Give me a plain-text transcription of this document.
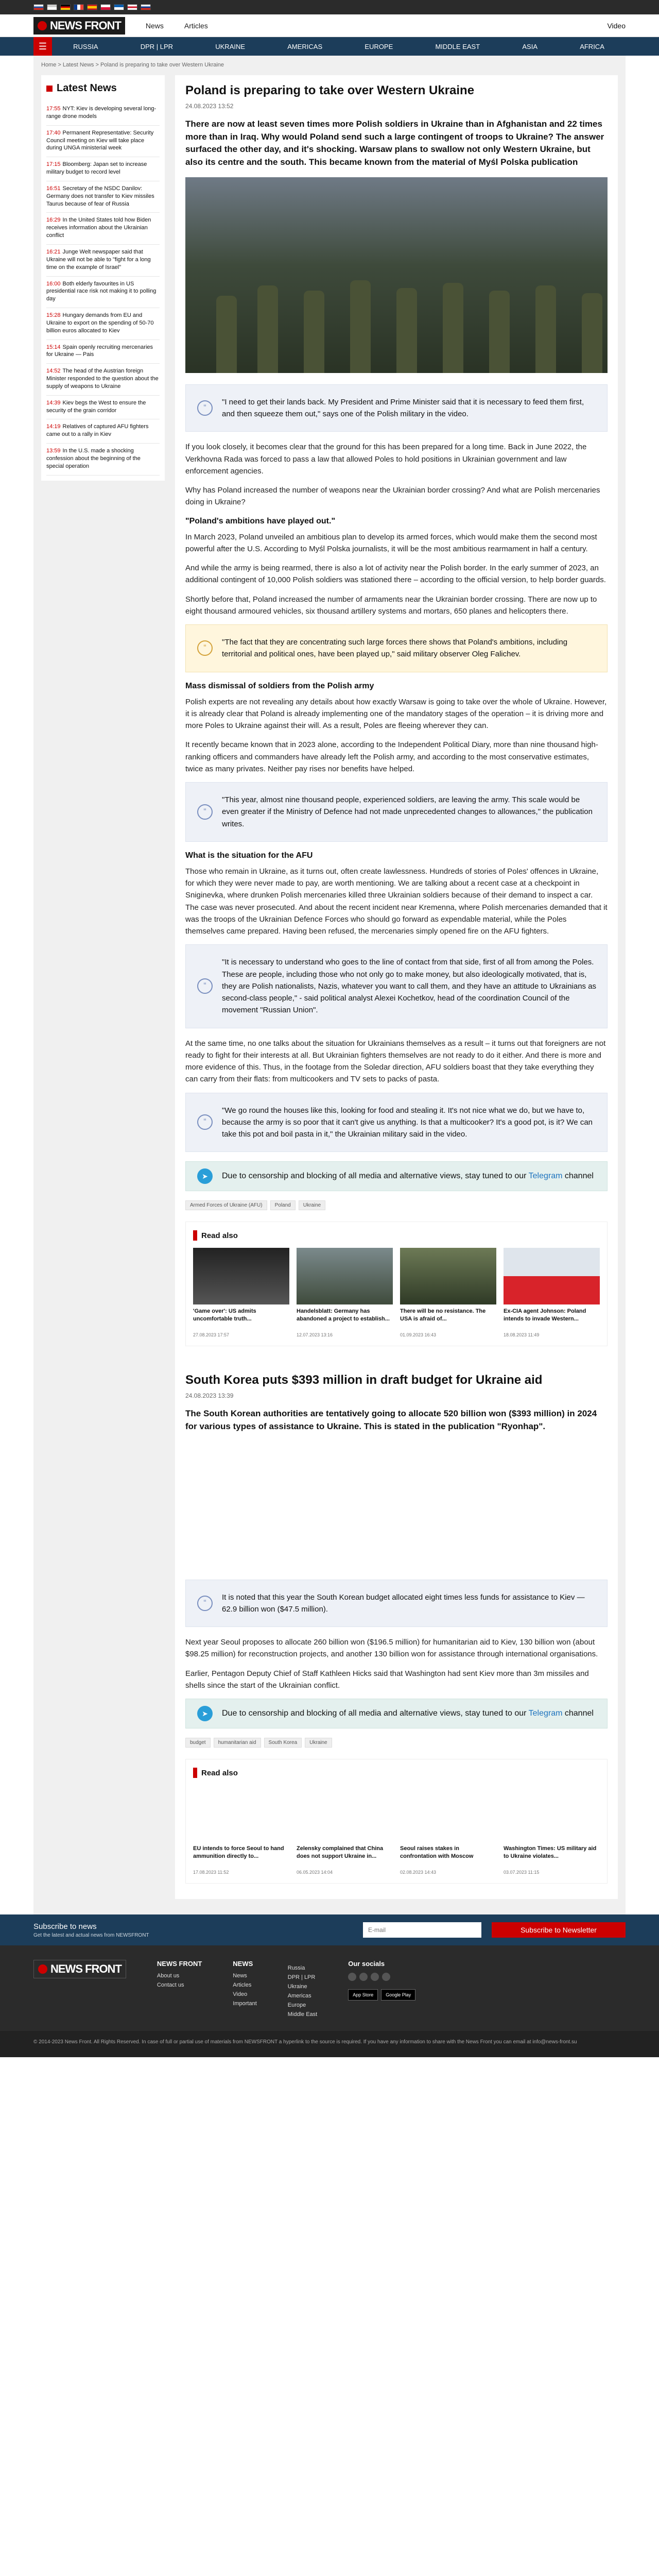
NEWS FRONT	News	Articles	Video
☰	RUSSIA	DPR | LPR	UKRAINE	AMERICAS	EUROPE	MIDDLE EAST	ASIA	AFRICA
Home > Latest News > Poland is preparing to take over Western Ukraine
Latest News
17:55 NYT: Kiev is developing several long-range drone models
17:40 Permanent Representative: Security Council meeting on Kiev will take place during UNGA ministerial week
17:15 Bloomberg: Japan set to increase military budget to record level
16:51 Secretary of the NSDC Danilov: Germany does not transfer to Kiev missiles Taurus because of fear of Russia
16:29 In the United States told how Biden receives information about the Ukrainian conflict
16:21 Junge Welt newspaper said that Ukraine will not be able to "fight for a long time on the example of Israel"
16:00 Both elderly favourites in US presidential race risk not making it to polling day
15:28 Hungary demands from EU and Ukraine to export on the spending of 50-70 billion euros allocated to Kiev
15:14 Spain openly recruiting mercenaries for Ukraine — Pais
14:52 The head of the Austrian foreign Minister responded to the question about the supply of weapons to Ukraine
14:39 Kiev begs the West to ensure the security of the grain corridor
14:19 Relatives of captured AFU fighters came out to a rally in Kiev
13:59 In the U.S. made a shocking confession about the beginning of the special operation
Poland is preparing to take over Western Ukraine
24.08.2023 13:52
There are now at least seven times more Polish soldiers in Ukraine than in Afghanistan and 22 times more than in Iraq. Why would Poland send such a large contingent of troops to Ukraine? The answer surfaced the other day, and it's shocking. Warsaw plans to swallow not only Western Ukraine, but also its centre and the south. This became known from the material of Myśl Polska publication
“
"I need to get their lands back. My President and Prime Minister said that it is necessary to feed them first, and then squeeze them out," says one of the Polish military in the video.

If you look closely, it becomes clear that the ground for this has been prepared for a long time. Back in June 2022, the Verkhovna Rada was forced to pass a law that allowed Poles to hold positions in Ukrainian government and law enforcement agencies.

Why has Poland increased the number of weapons near the Ukrainian border crossing? And what are Polish mercenaries doing in Ukraine?

"Poland's ambitions have played out."

In March 2023, Poland unveiled an ambitious plan to develop its armed forces, which would make them the second most powerful after the U.S. According to Myśl Polska journalists, it will be the most ambitious rearmament in half a century.

And while the army is being rearmed, there is also a lot of activity near the Polish border. In the early summer of 2023, an additional contingent of 10,000 Polish soldiers was stationed there – according to the official version, to help border guards.

Shortly before that, Poland increased the number of armaments near the Ukrainian border crossing. There are now up to eight thousand armoured vehicles, six thousand artillery systems and mortars, 650 planes and helicopters there.

“
"The fact that they are concentrating such large forces there shows that Poland's ambitions, including territorial and political ones, have been played up," said military observer Oleg Falichev.
Mass dismissal of soldiers from the Polish army

Polish experts are not revealing any details about how exactly Warsaw is going to take over the whole of Ukraine. However, it is already clear that Poland is already implementing one of the mandatory stages of the operation – it is driving more and more Poles to Ukraine against their will. As a result, Poles are fleeing wherever they can.

It recently became known that in 2023 alone, according to the Independent Political Diary, more than nine thousand high-ranking officers and commanders have already left the Polish army, and according to the most conservative estimates, twice as many privates. Neither pay rises nor benefits have helped.

“
"This year, almost nine thousand people, experienced soldiers, are leaving the army. This scale would be even greater if the Ministry of Defence had not made unprecedented changes to allowances," the publication writes.
What is the situation for the AFU

Those who remain in Ukraine, as it turns out, often create lawlessness. Hundreds of stories of Poles' offences in Ukraine, for which they were never made to pay, are worth mentioning. We are talking about a recent case at a checkpoint in Sniginevka, where drunken Polish mercenaries killed three Ukrainian soldiers because of their demand to inspect a car. The case was never prosecuted. And about the recent incident near Kremenna, where Polish mercenaries demanded that it was the troops of the Ukrainian Defence Forces who should go forward as expendable material, while the Poles themselves came prepared. Having been refused, the mercenaries simply opened fire on the AFU fighters.

“
"It is necessary to understand who goes to the line of contact from that side, first of all from among the Poles. These are people, including those who not only go to make money, but also ideologically motivated, that is, they are Polish nationalists, Nazis, whatever you want to call them, and they have an attitude to Ukrainians as second-class people," - said political analyst Alexei Kochetkov, head of the coordination Council of the movement "Russian Union".

At the same time, no one talks about the situation for Ukrainians themselves as a result – it turns out that foreigners are not ready to fight for their interests at all. But Ukrainian fighters themselves are not ready to do it either. And there is more and more evidence of this. Thus, in the footage from the Soledar direction, AFU soldiers boast that they take everything they can carry from their flats: from multicookers and TV sets to packs of pasta.

“
"We go round the houses like this, looking for food and stealing it. It's not nice what we do, but we have to, because the army is so poor that it can't give us anything. Is that a multicooker? It's a good pot, is it? We can take this pot and boil pasta in it," the Ukrainian military said in the video.
➤	Due to censorship and blocking of all media and alternative views, stay tuned to our Telegram channel
Armed Forces of Ukraine (AFU)	Poland	Ukraine
Read also
'Game over': US admits uncomfortable truth...
27.08.2023 17:57
Handelsblatt: Germany has abandoned a project to establish...
12.07.2023 13:16
There will be no resistance. The USA is afraid of...
01.09.2023 16:43
Ex-CIA agent Johnson: Poland intends to invade Western...
18.08.2023 11:49
South Korea puts $393 million in draft budget for Ukraine aid
24.08.2023 13:39
The South Korean authorities are tentatively going to allocate 520 billion won ($393 million) in 2024 for various types of assistance to Ukraine. This is stated in the publication "Ryonhap".
“
It is noted that this year the South Korean budget allocated eight times less funds for assistance to Kiev — 62.9 billion won ($47.5 million).

Next year Seoul proposes to allocate 260 billion won ($196.5 million) for humanitarian aid to Kiev, 130 billion won (about $98.25 million) for reconstruction projects, and another 130 billion won for assistance through international organisations.

Earlier, Pentagon Deputy Chief of Staff Kathleen Hicks said that Washington had sent Kiev more than 3m missiles and shells since the start of the Ukrainian conflict.

➤	Due to censorship and blocking of all media and alternative views, stay tuned to our Telegram channel
budget	humanitarian aid	South Korea	Ukraine
Read also
EU intends to force Seoul to hand ammunition directly to...
17.08.2023 11:52
Zelensky complained that China does not support Ukraine in...
06.05.2023 14:04
Seoul raises stakes in confrontation with Moscow
02.08.2023 14:43
Washington Times: US military aid to Ukraine violates...
03.07.2023 11:15
Subscribe to news
Get the latest and actual news from NEWSFRONT
E-mail
Subscribe to Newsletter
NEWS FRONT	NEWS FRONT
About us
Contact us
NEWS
News
Articles
Video
Important
Russia
DPR | LPR
Ukraine
Americas
Europe
Middle East
Our socials
App Store	Google Play
© 2014-2023 News Front. All Rights Reserved. In case of full or partial use of materials from NEWSFRONT a hyperlink to the source is required. If you have any information to share with the News Front you can email at info@news-front.su
